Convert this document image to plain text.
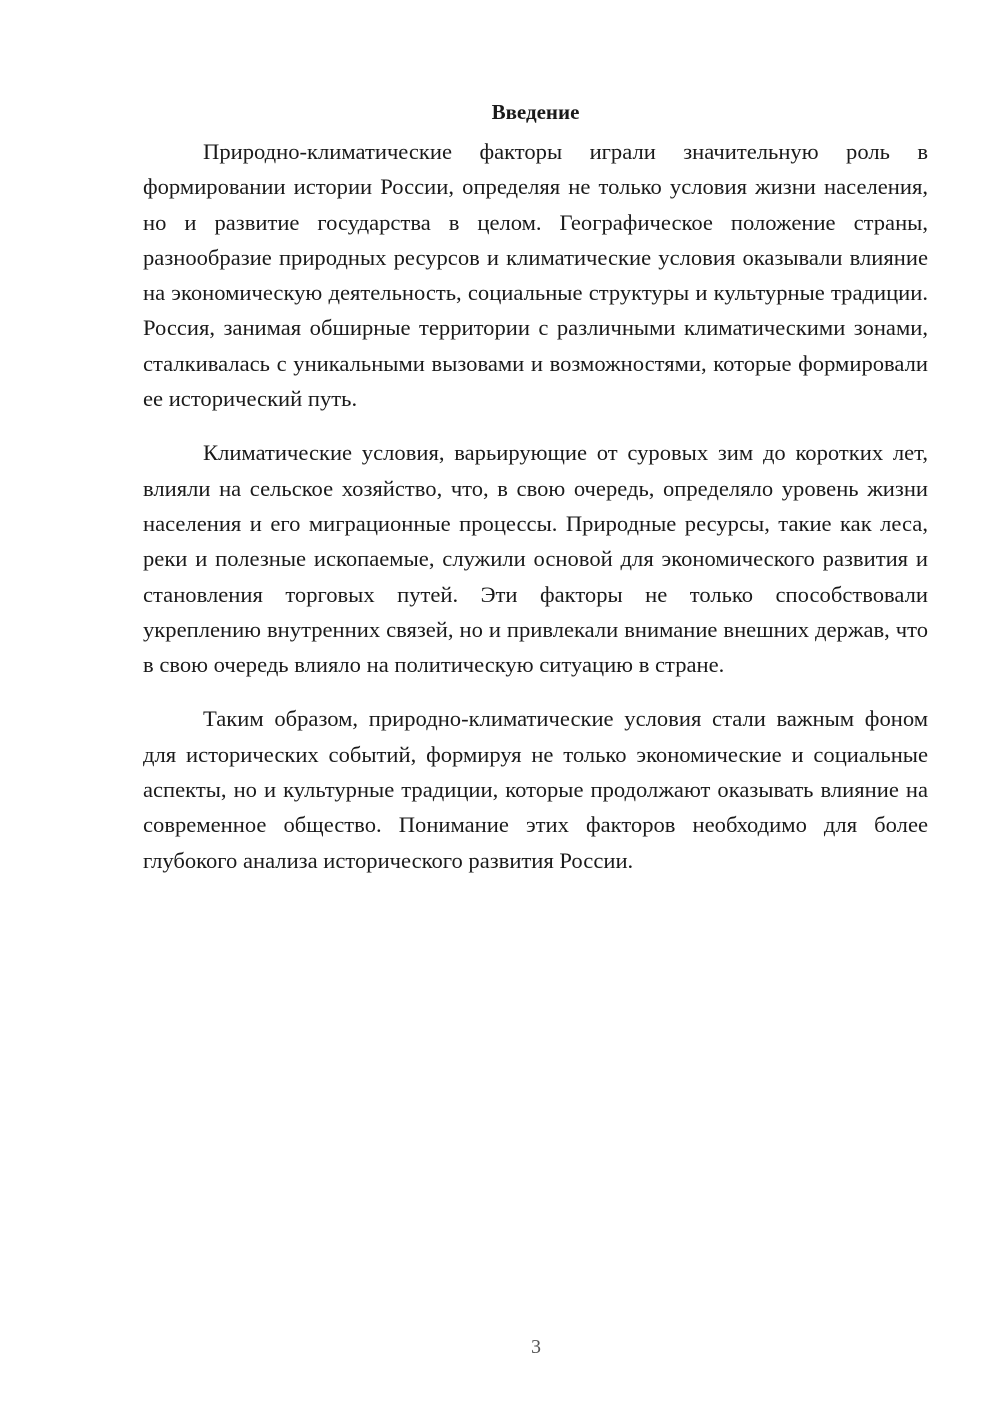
Введение

Природно-климатические факторы играли значительную роль в формировании истории России, определяя не только условия жизни населения, но и развитие государства в целом. Географическое положение страны, разнообразие природных ресурсов и климатические условия оказывали влияние на экономическую деятельность, социальные структуры и культурные традиции. Россия, занимая обширные территории с различными климатическими зонами, сталкивалась с уникальными вызовами и возможностями, которые формировали ее исторический путь.

Климатические условия, варьирующие от суровых зим до коротких лет, влияли на сельское хозяйство, что, в свою очередь, определяло уровень жизни населения и его миграционные процессы. Природные ресурсы, такие как леса, реки и полезные ископаемые, служили основой для экономического развития и становления торговых путей. Эти факторы не только способствовали укреплению внутренних связей, но и привлекали внимание внешних держав, что в свою очередь влияло на политическую ситуацию в стране.

Таким образом, природно-климатические условия стали важным фоном для исторических событий, формируя не только экономические и социальные аспекты, но и культурные традиции, которые продолжают оказывать влияние на современное общество. Понимание этих факторов необходимо для более глубокого анализа исторического развития России.

3
